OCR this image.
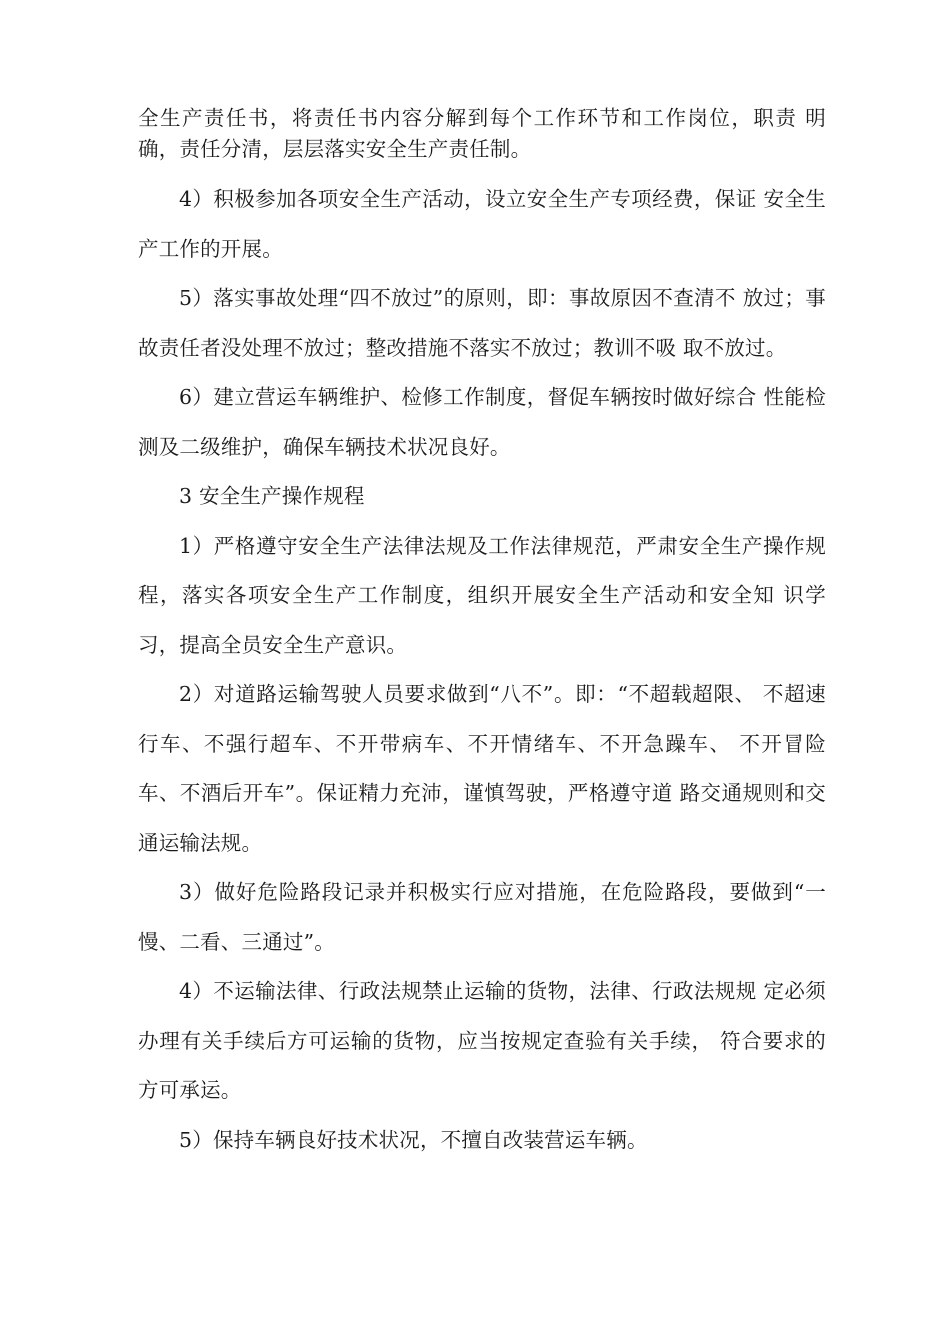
全生产责任书，将责任书内容分解到每个工作环节和工作岗位，职责 明确，责任分清，层层落实安全生产责任制。

4）积极参加各项安全生产活动，设立安全生产专项经费，保证 安全生产工作的开展。

5）落实事故处理“四不放过”的原则，即：事故原因不查清不 放过；事故责任者没处理不放过；整改措施不落实不放过；教训不吸 取不放过。

6）建立营运车辆维护、检修工作制度，督促车辆按时做好综合 性能检测及二级维护，确保车辆技术状况良好。

3 安全生产操作规程

1）严格遵守安全生产法律法规及工作法律规范，严肃安全生产操作规程，落实各项安全生产工作制度，组织开展安全生产活动和安全知 识学习，提高全员安全生产意识。

2）对道路运输驾驶人员要求做到“八不”。即：“不超载超限、 不超速行车、不强行超车、不开带病车、不开情绪车、不开急躁车、 不开冒险车、不酒后开车”。保证精力充沛，谨慎驾驶，严格遵守道 路交通规则和交通运输法规。

3）做好危险路段记录并积极实行应对措施，在危险路段，要做到“一慢、二看、三通过”。

4）不运输法律、行政法规禁止运输的货物，法律、行政法规规 定必须办理有关手续后方可运输的货物，应当按规定查验有关手续， 符合要求的方可承运。

5）保持车辆良好技术状况，不擅自改装营运车辆。
